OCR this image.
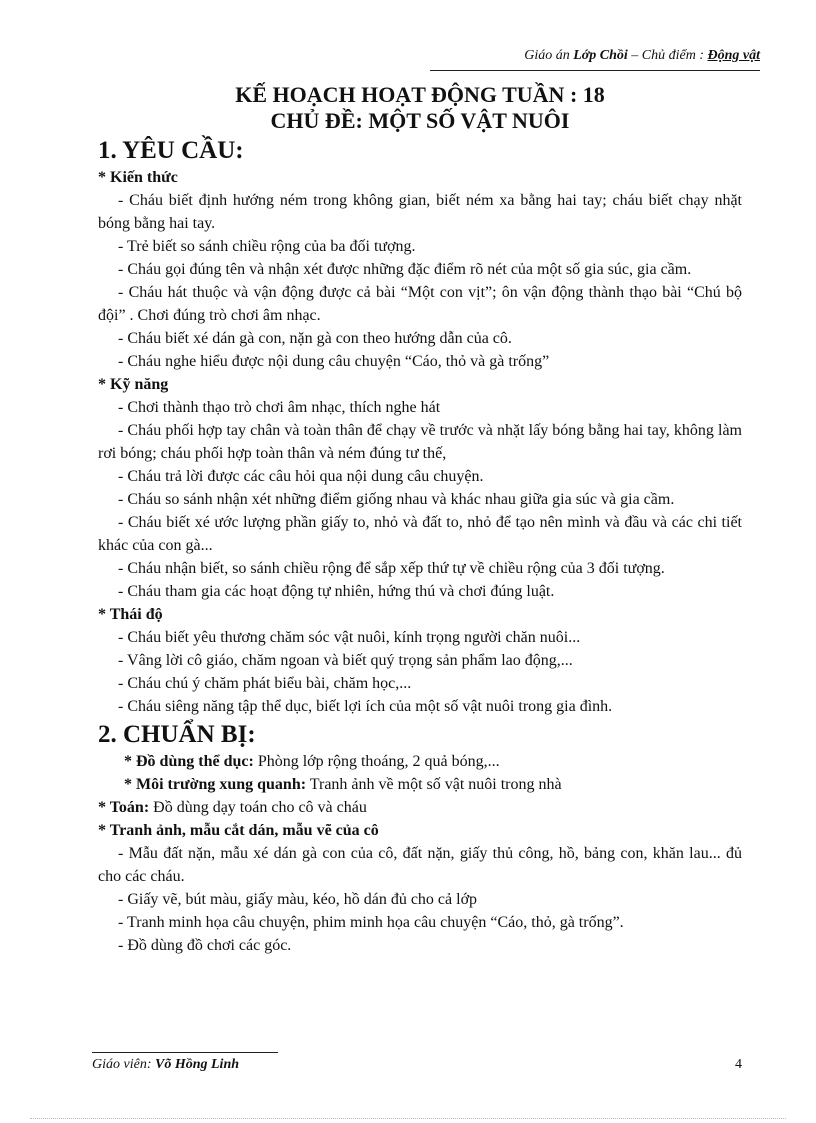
Giáo án Lớp Chồi – Chủ điểm : Động vật
KẾ HOẠCH HOẠT ĐỘNG TUẦN : 18
CHỦ ĐỀ: MỘT SỐ VẬT NUÔI
1. YÊU CẦU:
* Kiến thức

- Cháu biết định hướng ném trong không gian, biết ném xa bằng hai tay; cháu biết chạy nhặt bóng bằng hai tay.

- Trẻ biết so sánh chiều rộng của ba đối tượng.

- Cháu gọi đúng tên và nhận xét được những đặc điểm rõ nét của một số gia súc, gia cầm.

- Cháu hát thuộc và vận động được cả bài “Một con vịt”; ôn vận động thành thạo bài “Chú bộ đội” . Chơi đúng trò chơi âm nhạc.

- Cháu biết xé dán gà con, nặn gà con theo hướng dẫn của cô.

- Cháu nghe hiểu được nội dung câu chuyện “Cáo, thỏ và gà trống”

* Kỹ năng

- Chơi thành thạo trò chơi âm nhạc, thích nghe hát

- Cháu phối hợp tay chân và toàn thân để chạy về trước và nhặt lấy bóng bằng hai tay, không làm rơi bóng; cháu phối hợp toàn thân và ném đúng tư thế,

- Cháu trả lời được các câu hỏi qua nội dung câu chuyện.

- Cháu so sánh nhận xét những điểm giống nhau và khác nhau giữa gia súc và gia cầm.

- Cháu biết xé ước lượng phần giấy to, nhỏ và đất to, nhỏ để tạo nên mình và đầu và các chi tiết khác của con gà...

- Cháu nhận biết, so sánh chiều rộng để sắp xếp thứ tự về chiều rộng của 3 đối tượng.

- Cháu tham gia các hoạt động tự nhiên, hứng thú và chơi đúng luật.

* Thái độ

- Cháu biết yêu thương chăm sóc vật nuôi, kính trọng người chăn nuôi...

- Vâng lời cô giáo, chăm ngoan và biết quý trọng sản phẩm lao động,...

- Cháu chú ý chăm phát biểu bài, chăm học,...

- Cháu siêng năng tập thể dục, biết lợi ích của một số vật nuôi trong gia đình.

2. CHUẨN BỊ:

* Đồ dùng thể dục: Phòng lớp rộng thoáng, 2 quả bóng,...

* Môi trường xung quanh: Tranh ảnh về một số vật nuôi trong nhà

* Toán: Đồ dùng dạy toán cho cô và cháu

* Tranh ảnh, mẫu cắt dán, mẫu vẽ của cô

- Mẫu đất nặn, mẫu xé dán gà con của cô, đất nặn, giấy thủ công, hồ, bảng con, khăn lau... đủ cho các cháu.

- Giấy vẽ, bút màu, giấy màu, kéo, hồ dán đủ cho cả lớp

- Tranh minh họa câu chuyện, phim minh họa câu chuyện “Cáo, thỏ, gà trống”.

- Đồ dùng đồ chơi các góc.

Giáo viên: Võ Hồng Linh	4
